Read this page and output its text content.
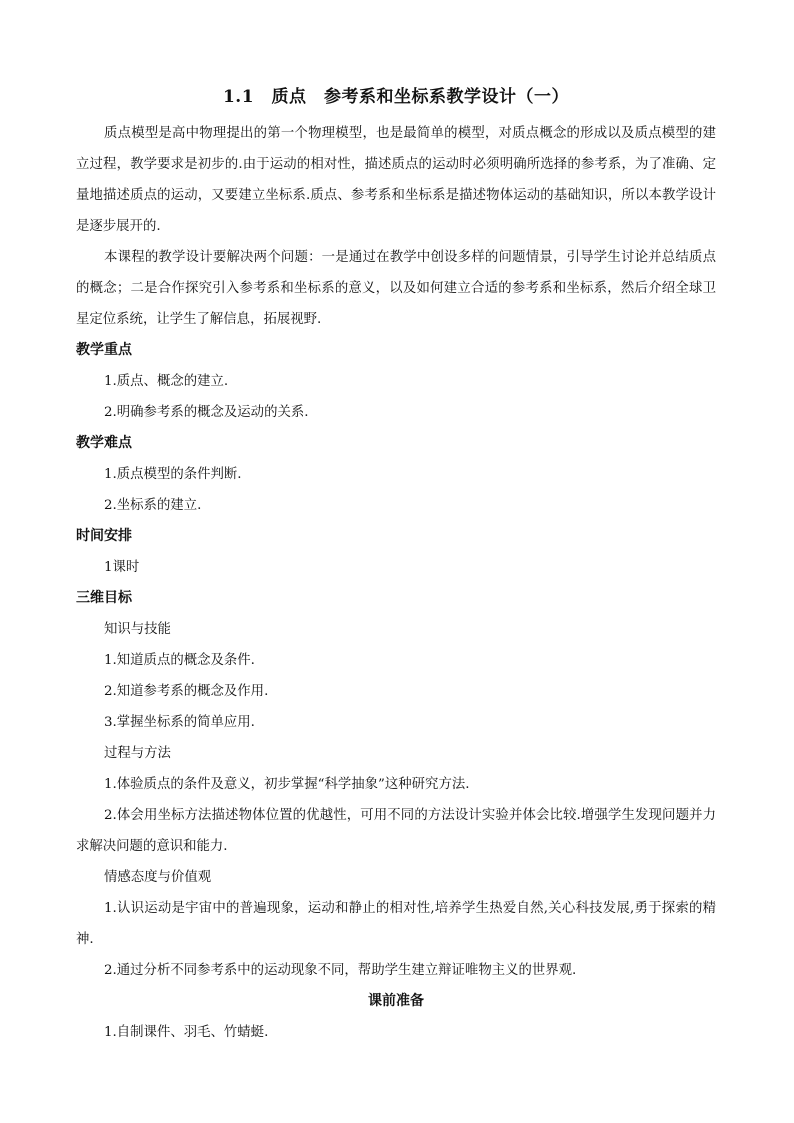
1.1　质点　参考系和坐标系教学设计（一）

质点模型是高中物理提出的第一个物理模型，也是最简单的模型，对质点概念的形成以及质点模型的建立过程，教学要求是初步的.由于运动的相对性，描述质点的运动时必须明确所选择的参考系，为了准确、定量地描述质点的运动，又要建立坐标系.质点、参考系和坐标系是描述物体运动的基础知识，所以本教学设计是逐步展开的.

本课程的教学设计要解决两个问题：一是通过在教学中创设多样的问题情景，引导学生讨论并总结质点的概念；二是合作探究引入参考系和坐标系的意义，以及如何建立合适的参考系和坐标系，然后介绍全球卫星定位系统，让学生了解信息，拓展视野.

教学重点

1.质点、概念的建立.

2.明确参考系的概念及运动的关系.

教学难点

1.质点模型的条件判断.

2.坐标系的建立.

时间安排

1课时

三维目标

知识与技能

1.知道质点的概念及条件.

2.知道参考系的概念及作用.

3.掌握坐标系的简单应用.

过程与方法

1.体验质点的条件及意义，初步掌握“科学抽象”这种研究方法.

2.体会用坐标方法描述物体位置的优越性，可用不同的方法设计实验并体会比较.增强学生发现问题并力求解决问题的意识和能力.

情感态度与价值观

1.认识运动是宇宙中的普遍现象，运动和静止的相对性,培养学生热爱自然,关心科技发展,勇于探索的精神.

2.通过分析不同参考系中的运动现象不同，帮助学生建立辩证唯物主义的世界观.

课前准备

1.自制课件、羽毛、竹蜻蜓.
